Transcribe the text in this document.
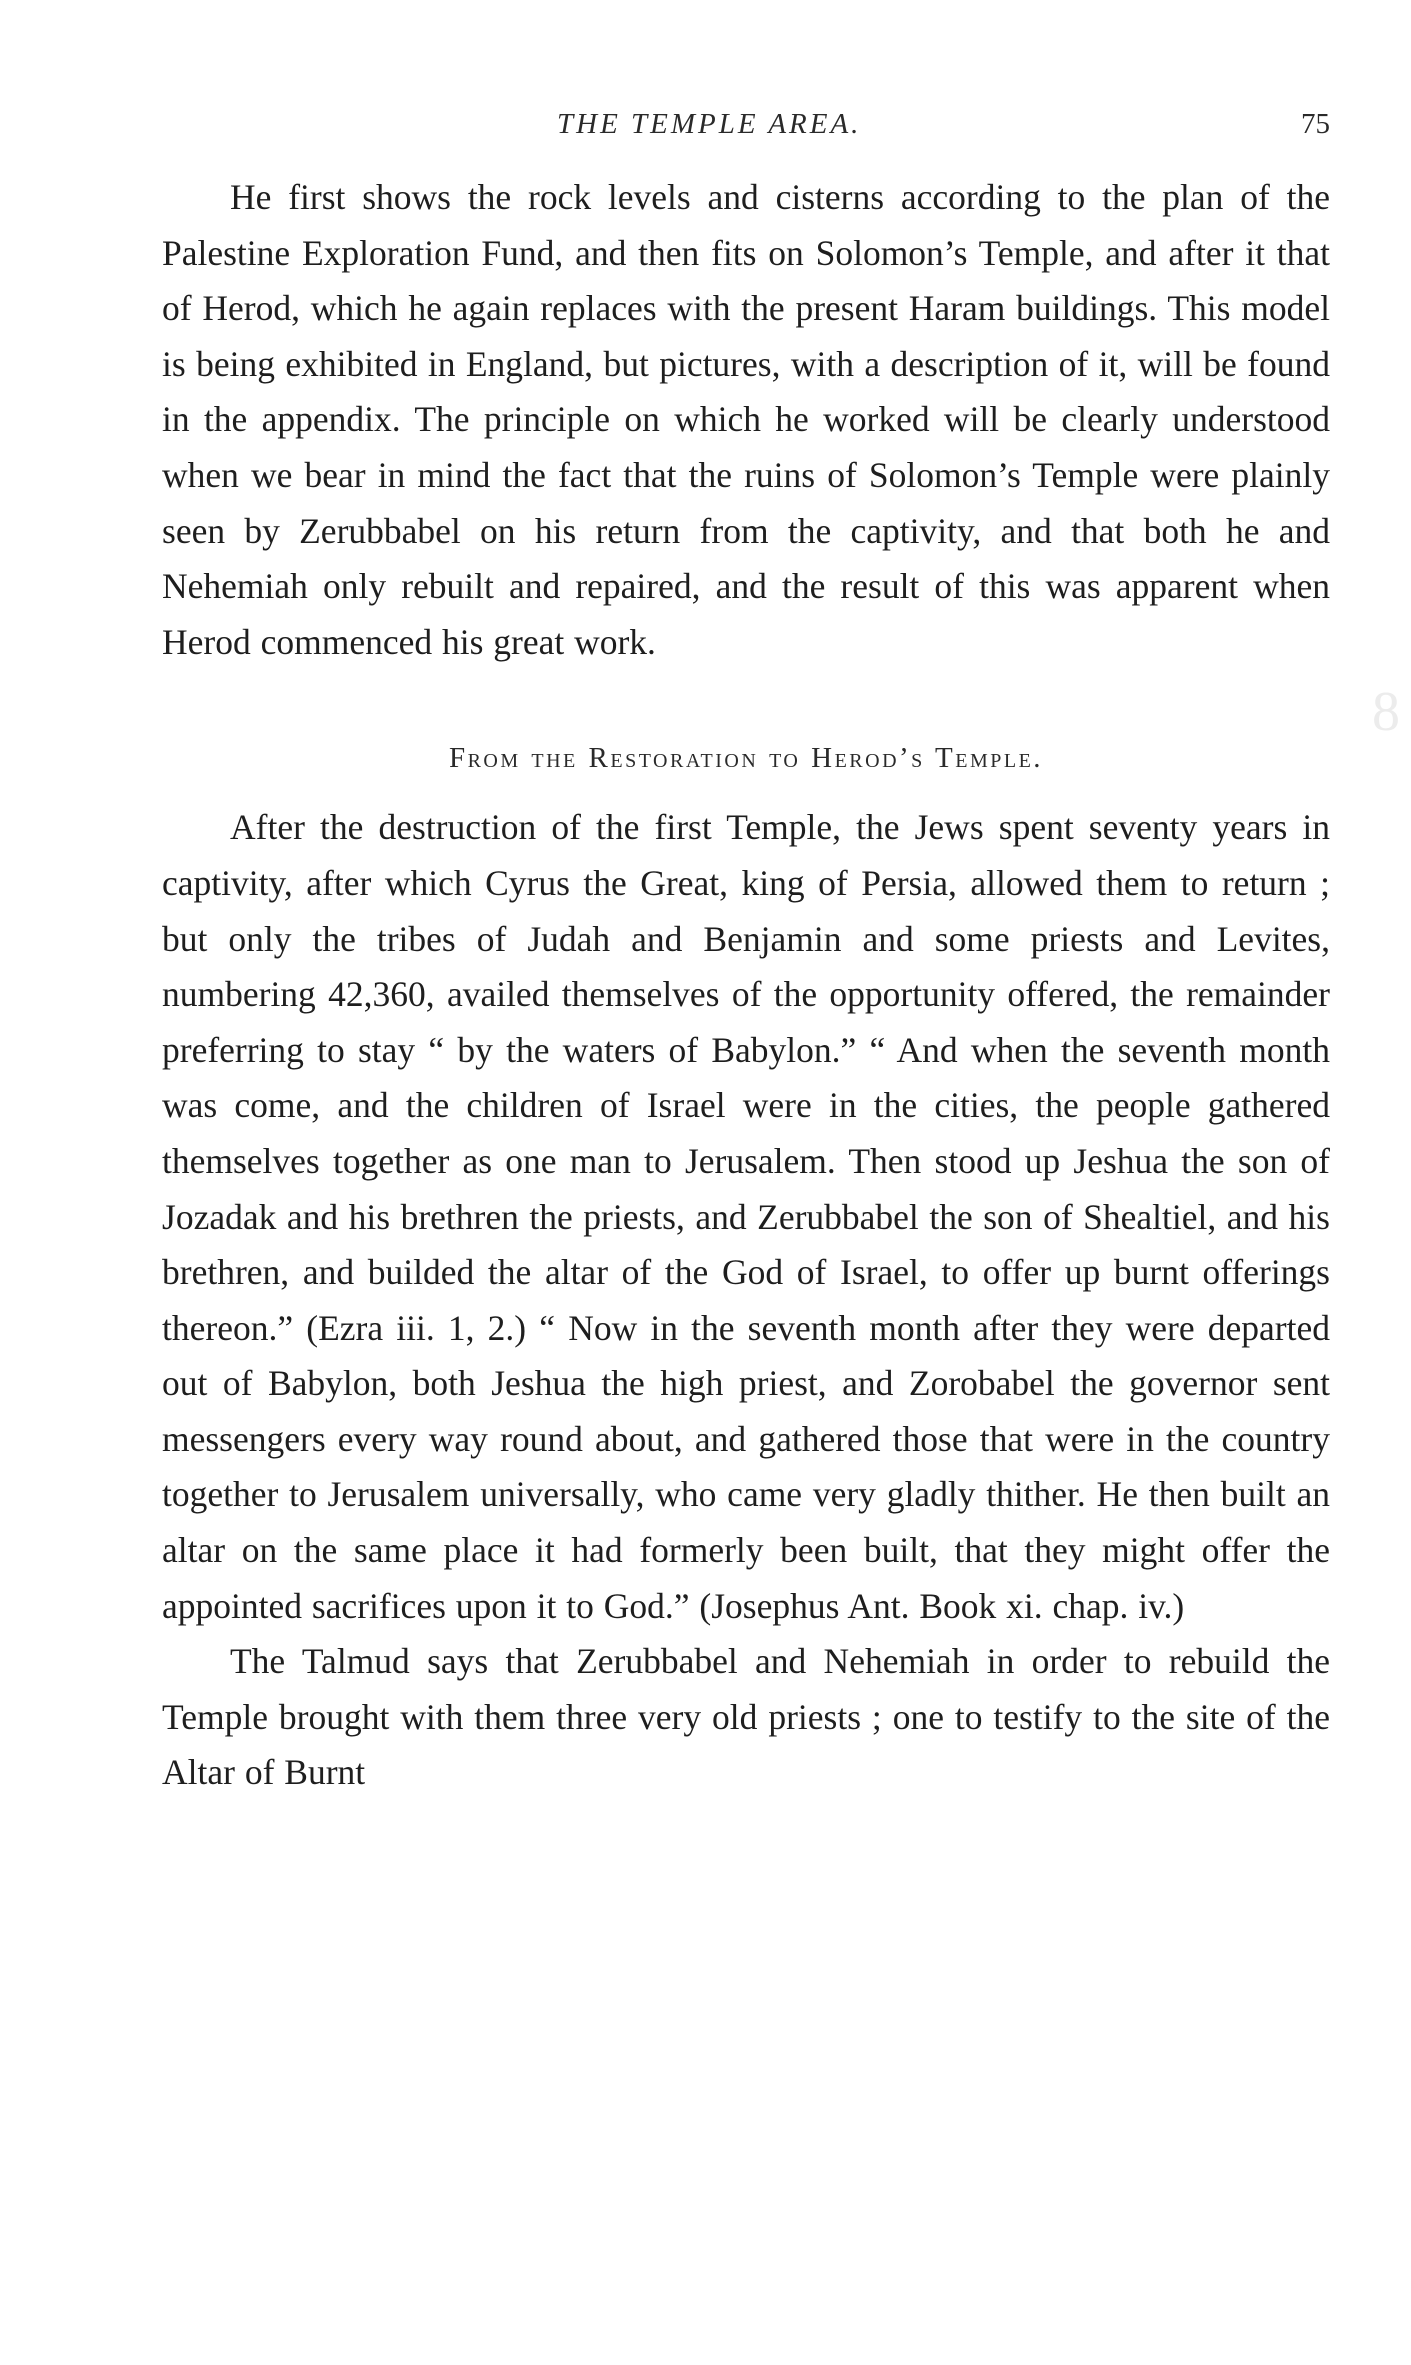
THE TEMPLE AREA.	75

He first shows the rock levels and cisterns according to the plan of the Palestine Exploration Fund, and then fits on Solomon’s Temple, and after it that of Herod, which he again replaces with the present Haram buildings. This model is being exhibited in England, but pictures, with a description of it, will be found in the appendix. The principle on which he worked will be clearly understood when we bear in mind the fact that the ruins of Solomon’s Temple were plainly seen by Zerubbabel on his return from the captivity, and that both he and Nehemiah only rebuilt and repaired, and the result of this was apparent when Herod commenced his great work.

From the Restoration to Herod’s Temple.

After the destruction of the first Temple, the Jews spent seventy years in captivity, after which Cyrus the Great, king of Persia, allowed them to return ; but only the tribes of Judah and Benjamin and some priests and Levites, numbering 42,360, availed themselves of the opportunity offered, the remainder preferring to stay “ by the waters of Babylon.” “ And when the seventh month was come, and the children of Israel were in the cities, the people gathered themselves together as one man to Jerusalem. Then stood up Jeshua the son of Jozadak and his brethren the priests, and Zerubbabel the son of Shealtiel, and his brethren, and builded the altar of the God of Israel, to offer up burnt offerings thereon.” (Ezra iii. 1, 2.) “ Now in the seventh month after they were departed out of Babylon, both Jeshua the high priest, and Zorobabel the governor sent messengers every way round about, and gathered those that were in the country together to Jerusalem universally, who came very gladly thither. He then built an altar on the same place it had formerly been built, that they might offer the appointed sacrifices upon it to God.” (Josephus Ant. Book xi. chap. iv.)

The Talmud says that Zerubbabel and Nehemiah in order to rebuild the Temple brought with them three very old priests ; one to testify to the site of the Altar of Burnt

8
